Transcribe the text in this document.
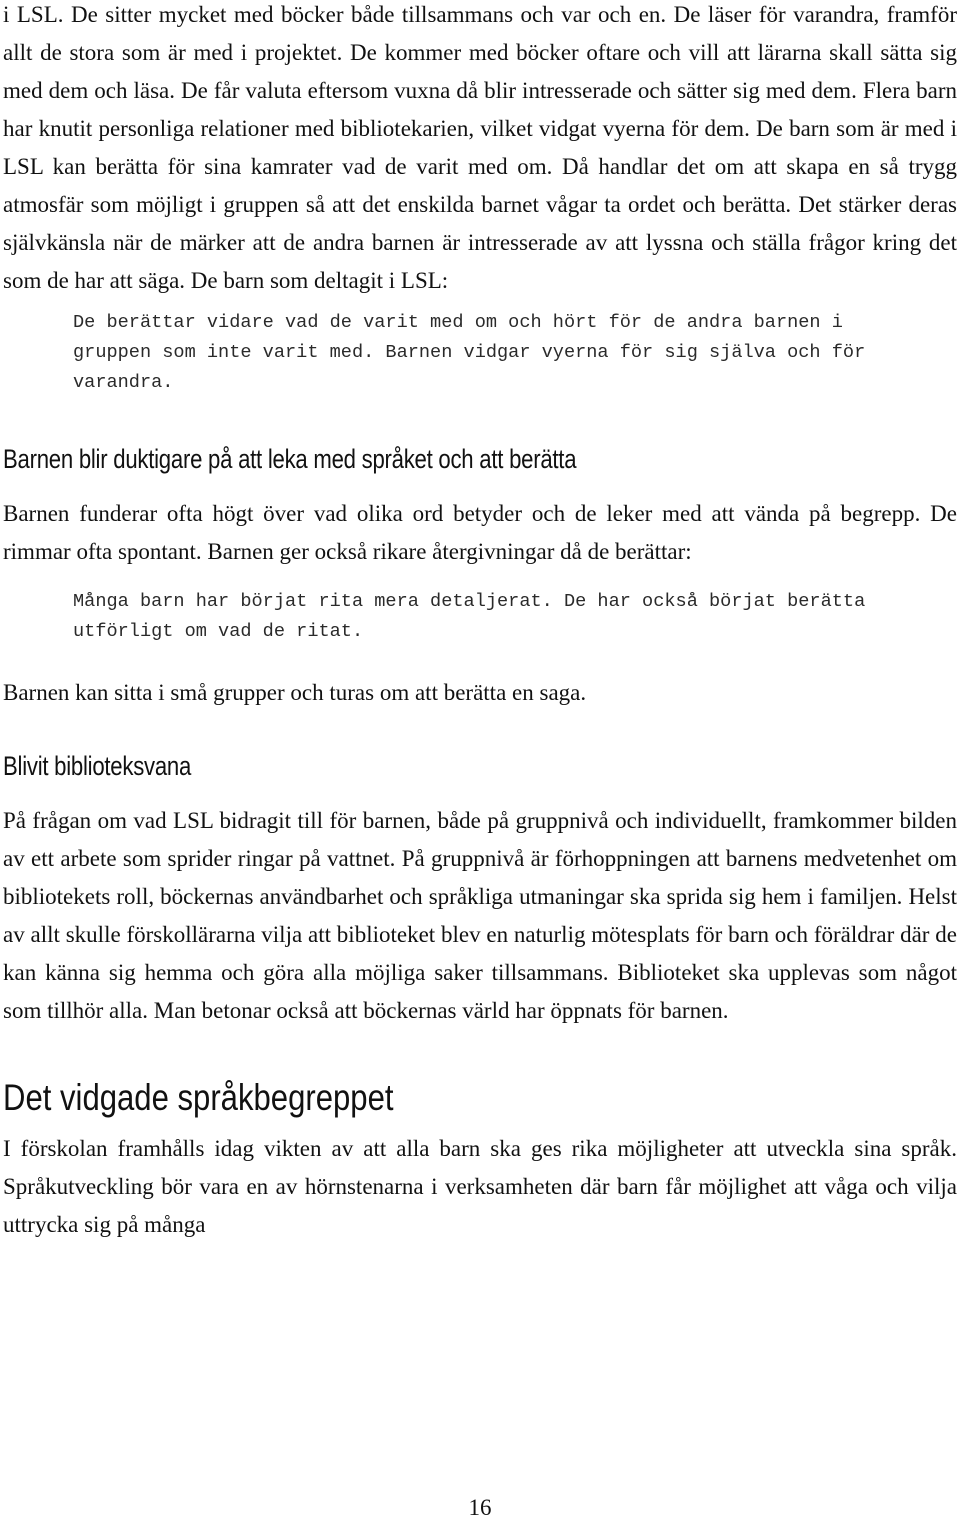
i LSL. De sitter mycket med böcker både tillsammans och var och en. De läser för varandra, framför allt de stora som är med i projektet. De kommer med böcker oftare och vill att lärarna skall sätta sig med dem och läsa. De får valuta eftersom vuxna då blir intresserade och sätter sig med dem. Flera barn har knutit personliga relationer med bibliotekarien, vilket vidgat vyerna för dem. De barn som är med i LSL kan berätta för sina kamrater vad de varit med om. Då handlar det om att skapa en så trygg atmosfär som möjligt i gruppen så att det enskilda barnet vågar ta ordet och berätta. Det stärker deras självkänsla när de märker att de andra barnen är intresserade av att lyssna och ställa frågor kring det som de har att säga. De barn som deltagit i LSL:

De berättar vidare vad de varit med om och hört för de andra barnen i gruppen som inte varit med. Barnen vidgar vyerna för sig själva och för varandra.

Barnen blir duktigare på att leka med språket och att berätta

Barnen funderar ofta högt över vad olika ord betyder och de leker med att vända på begrepp. De rimmar ofta spontant. Barnen ger också rikare återgivningar då de berättar:

Många barn har börjat rita mera detaljerat. De har också börjat berätta utförligt om vad de ritat.

Barnen kan sitta i små grupper och turas om att berätta en saga.

Blivit biblioteksvana

På frågan om vad LSL bidragit till för barnen, både på gruppnivå och individuellt, framkommer bilden av ett arbete som sprider ringar på vattnet. På gruppnivå är förhoppningen att barnens medvetenhet om bibliotekets roll, böckernas användbarhet och språkliga utmaningar ska sprida sig hem i familjen. Helst av allt skulle förskollärarna vilja att biblioteket blev en naturlig mötesplats för barn och föräldrar där de kan känna sig hemma och göra alla möjliga saker tillsammans. Biblioteket ska upplevas som något som tillhör alla. Man betonar också att böckernas värld har öppnats för barnen.

Det vidgade språkbegreppet

I förskolan framhålls idag vikten av att alla barn ska ges rika möjligheter att utveckla sina språk. Språkutveckling bör vara en av hörnstenarna i verksamheten där barn får möjlighet att våga och vilja uttrycka sig på många

16
